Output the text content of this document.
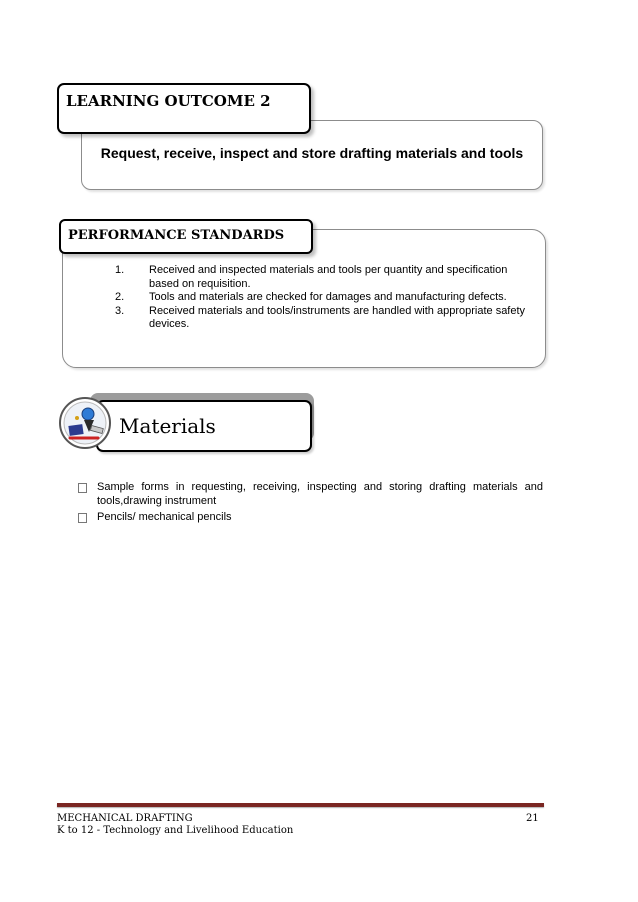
Request, receive, inspect and store drafting materials and tools
LEARNING OUTCOME 2
PERFORMANCE STANDARDS
1.	Received and inspected materials and tools per quantity and specification based on requisition.
2.	Tools and materials are checked for damages and manufacturing defects.
3.	Received materials and tools/instruments are handled with appropriate safety devices.
Materials
Sample forms in requesting, receiving, inspecting and storing drafting materials and tools,drawing instrument
Pencils/ mechanical pencils
MECHANICAL DRAFTING	21
K to 12 - Technology and Livelihood Education
